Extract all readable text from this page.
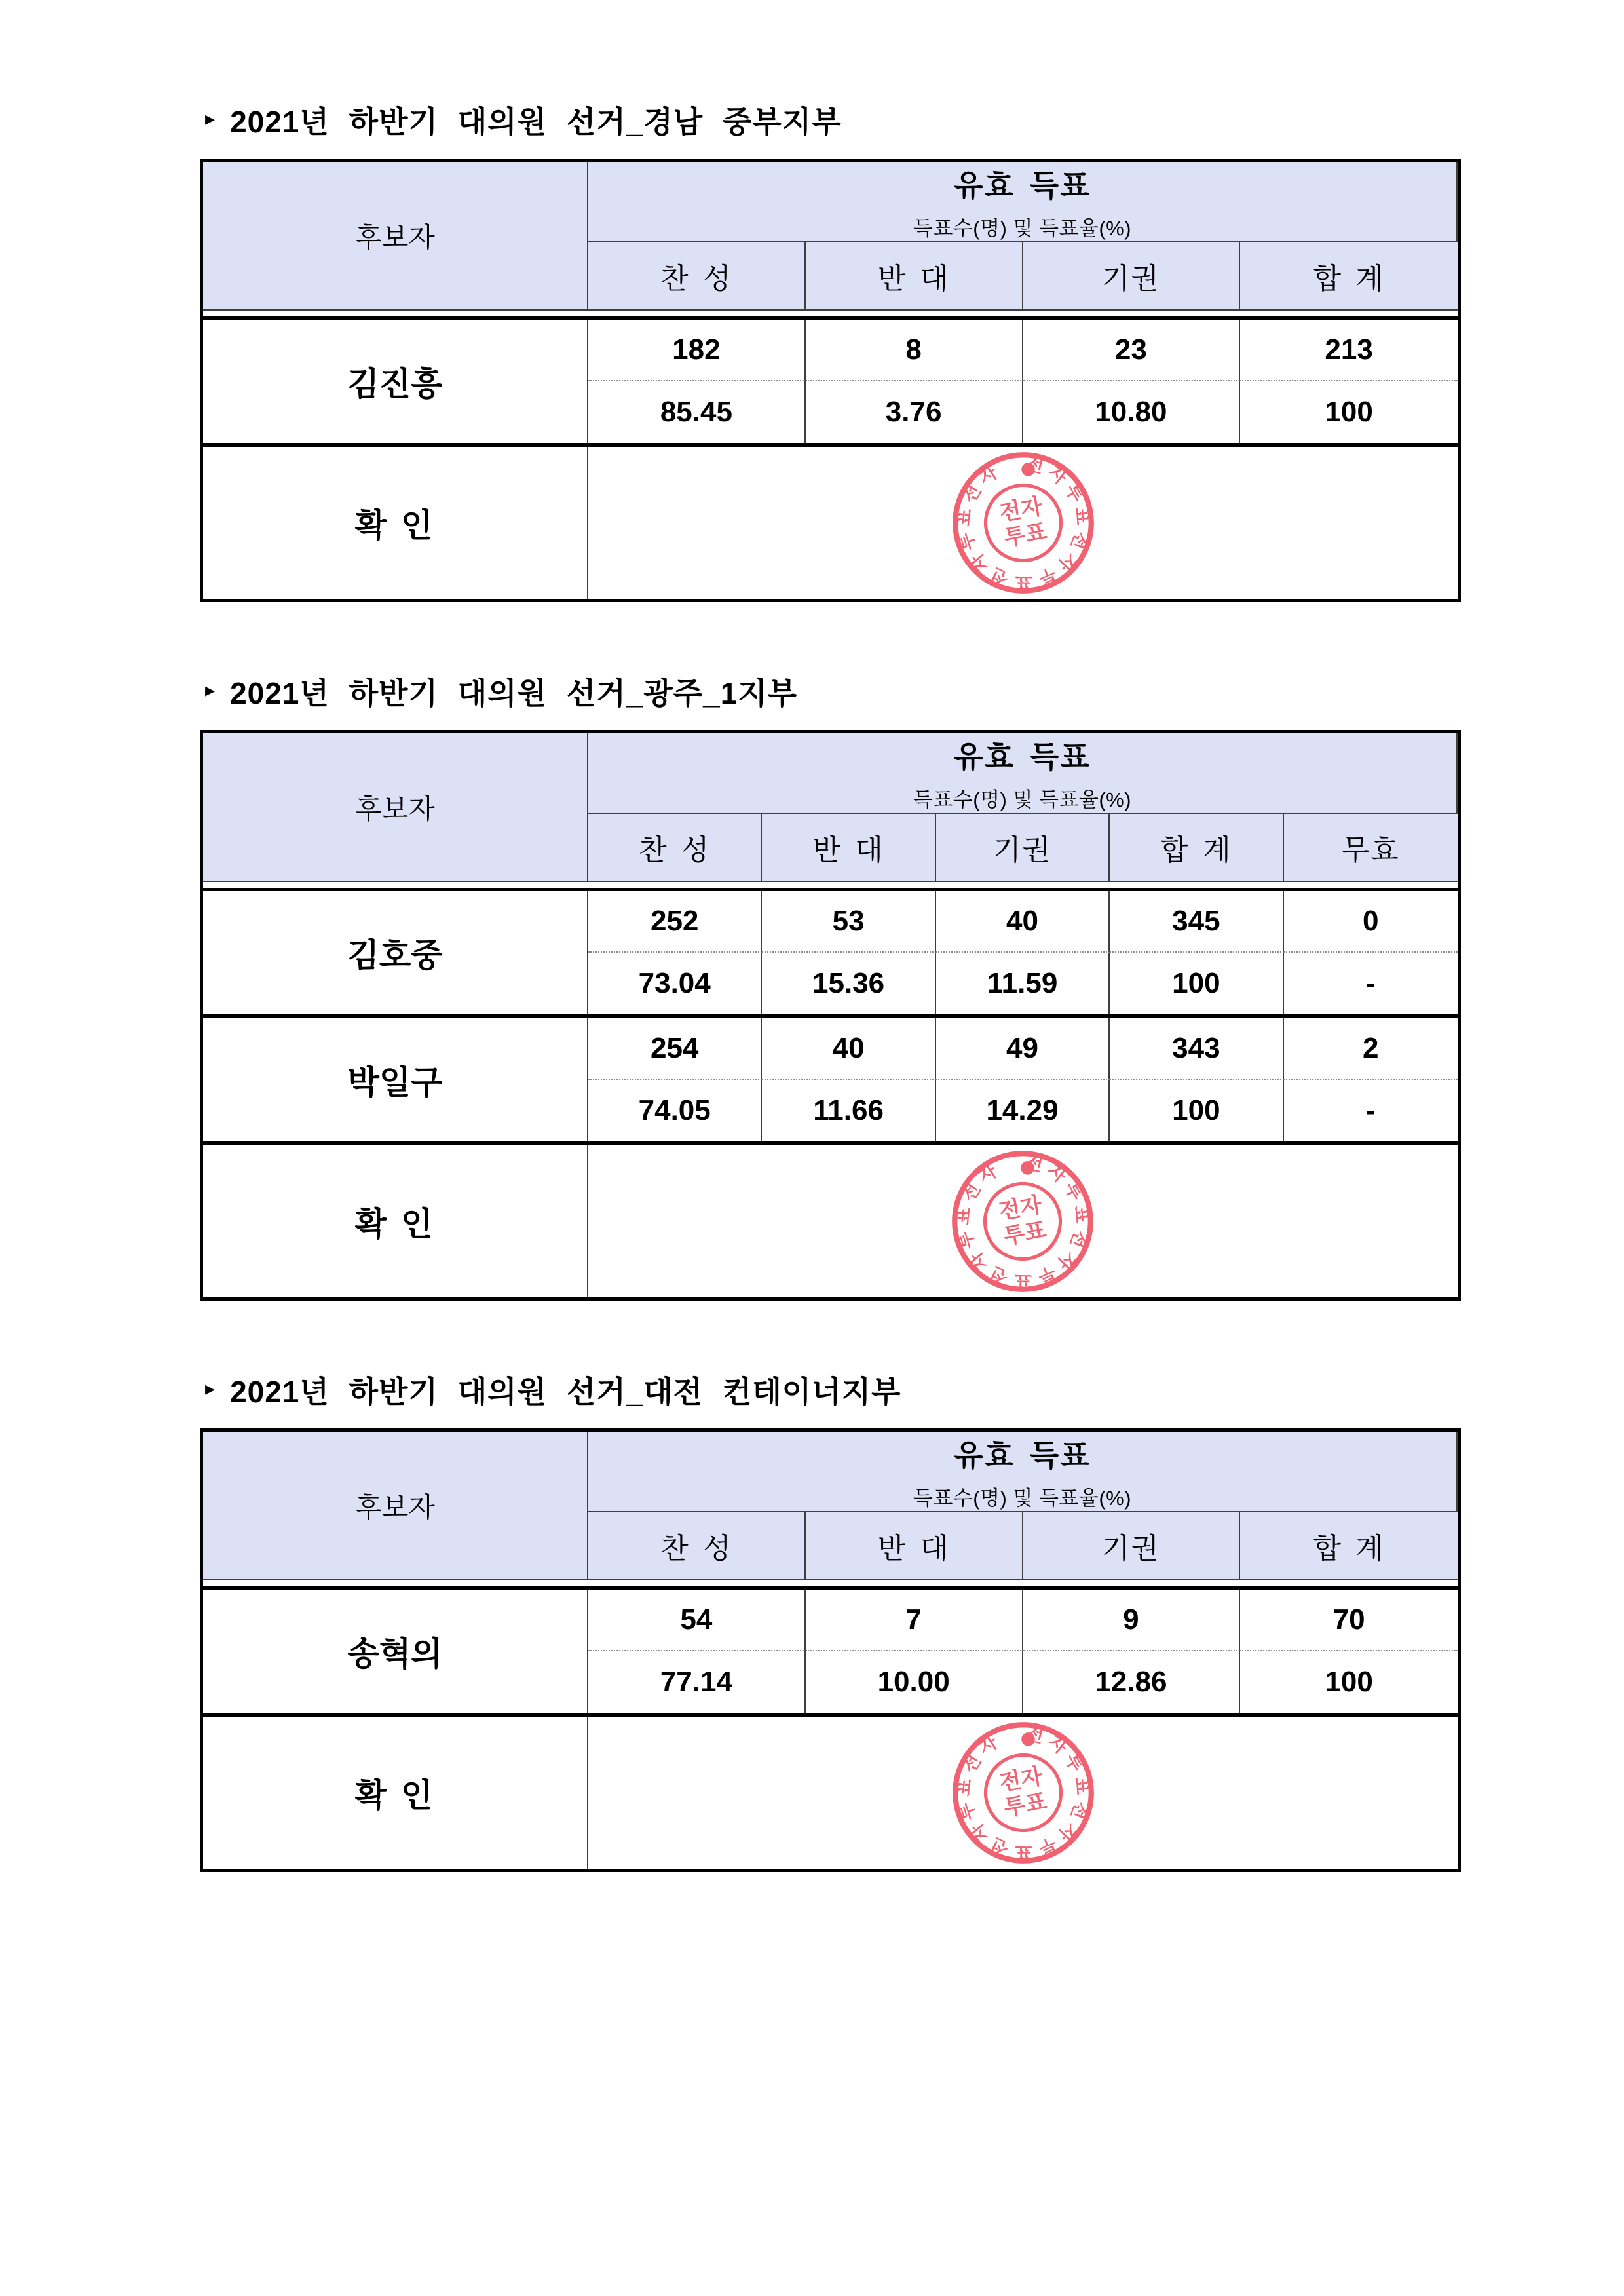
▸ 2021년 하반기 대의원 선거_경남 중부지부
후보자
유효 득표
득표수(명) 및 득표율(%)
찬 성	반 대	기권	합 계
김진흥
182	8	23	213
85.45	3.76	10.80	100
확 인
전자투표전자투표전자투표전자
전자
투표
▸ 2021년 하반기 대의원 선거_광주_1지부
후보자
유효 득표
득표수(명) 및 득표율(%)
찬 성	반 대	기권	합 계	무효
김호중
252	53	40	345	0
73.04	15.36	11.59	100	-
박일구
254	40	49	343	2
74.05	11.66	14.29	100	-
확 인
전자투표전자투표전자투표전자
전자
투표
▸ 2021년 하반기 대의원 선거_대전 컨테이너지부
후보자
유효 득표
득표수(명) 및 득표율(%)
찬 성	반 대	기권	합 계
송혁의
54	7	9	70
77.14	10.00	12.86	100
확 인
전자투표전자투표전자투표전자
전자
투표
